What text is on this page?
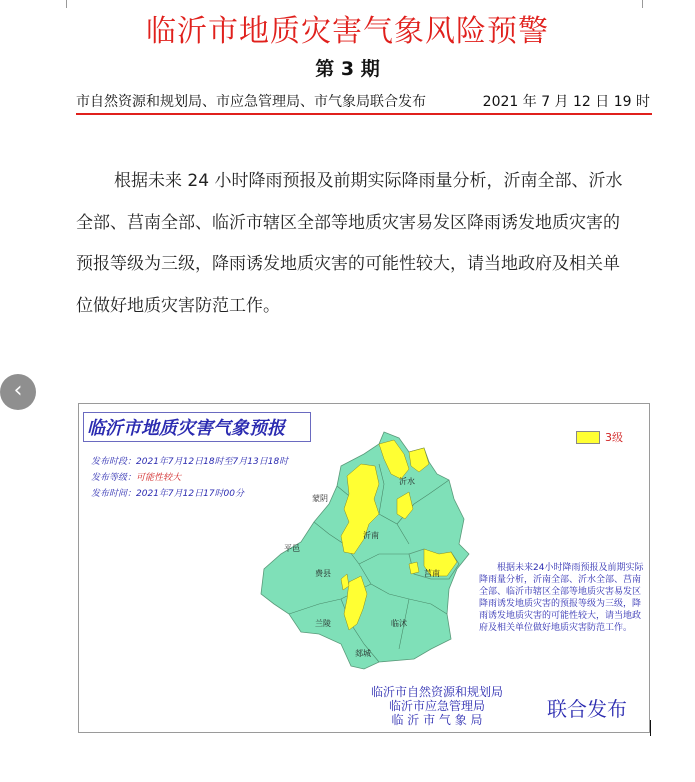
临沂市地质灾害气象风险预警
第 3 期
市自然资源和规划局、市应急管理局、市气象局联合发布	2021 年 7 月 12 日 19 时
根据未来 24 小时降雨预报及前期实际降雨量分析，沂南全部、沂水全部、莒南全部、临沂市辖区全部等地质灾害易发区降雨诱发地质灾害的预报等级为三级，降雨诱发地质灾害的可能性较大，请当地政府及相关单位做好地质灾害防范工作。
‹
沂水
蒙阴
沂南
平邑
费县	莒南
兰陵	临沭
郯城
临沂市地质灾害气象预报
发布时段：2021年7月12日18时至7月13日18时
发布等级：可能性较大
发布时间：2021年7月12日17时00分
3级
根据未来24小时降雨预报及前期实际降雨量分析，沂南全部、沂水全部、莒南全部、临沂市辖区全部等地质灾害易发区降雨诱发地质灾害的预报等级为三级，降雨诱发地质灾害的可能性较大，请当地政府及相关单位做好地质灾害防范工作。
临沂市自然资源和规划局
临沂市应急管理局
临 沂 市 气 象 局	联合发布
